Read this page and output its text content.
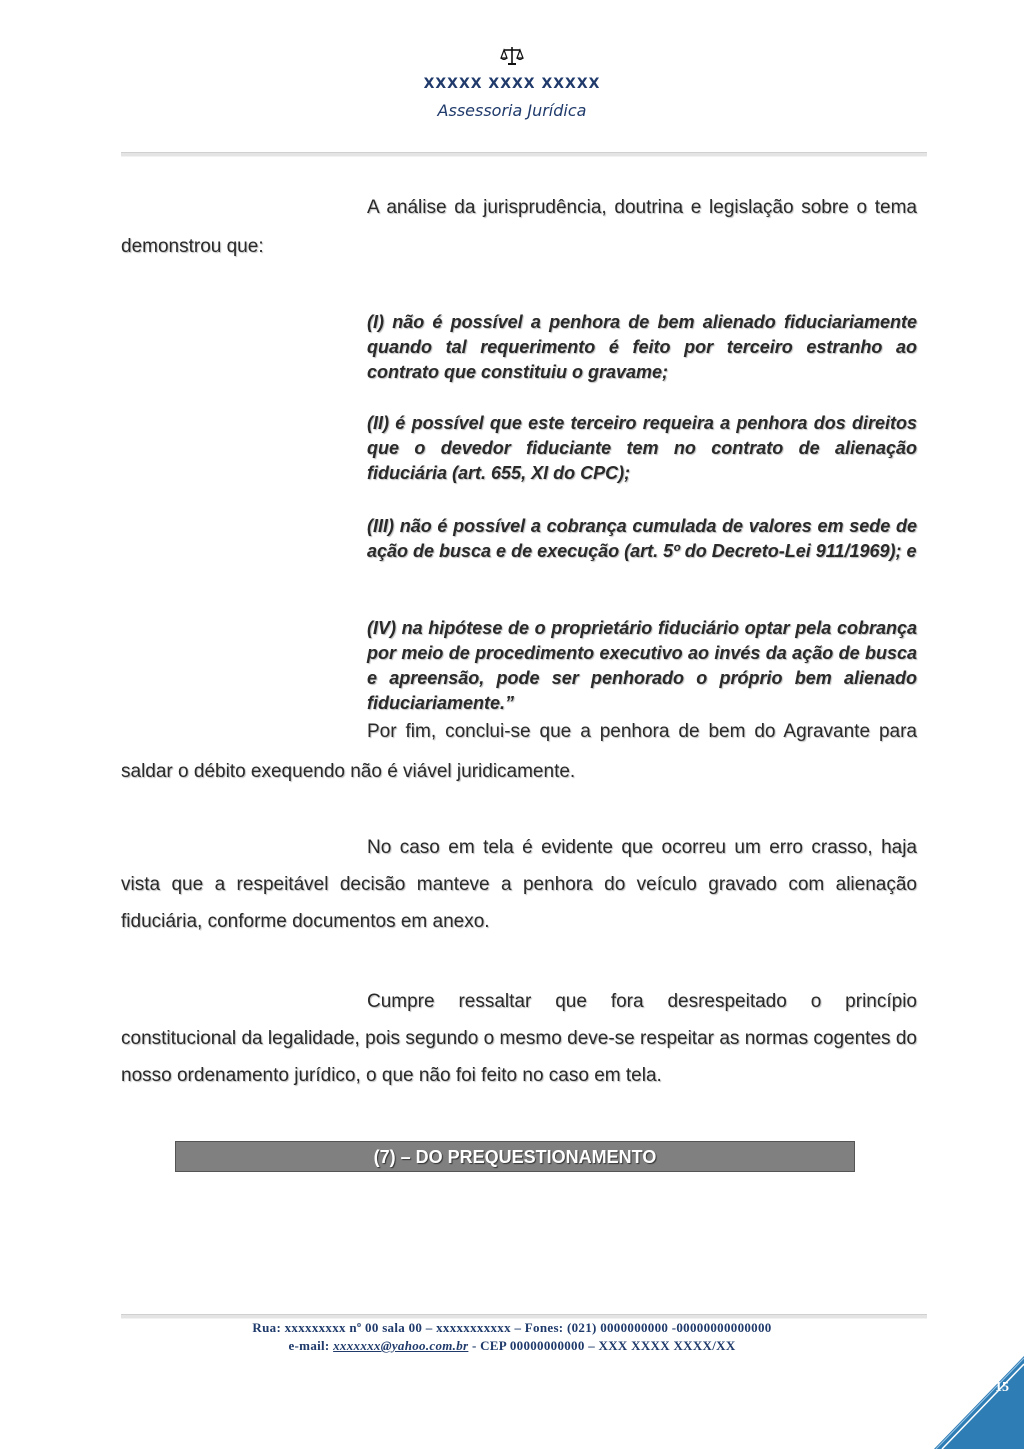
XXXXX XXXX XXXXX
Assessoria Jurídica
A análise da jurisprudência, doutrina e legislação sobre o tema
demonstrou que:
(I) não é possível a penhora de bem alienado fiduciariamente quando tal requerimento é feito por terceiro estranho ao contrato que constituiu o gravame;
(II) é possível que este terceiro requeira a penhora dos direitos que o devedor fiduciante tem no contrato de alienação fiduciária (art. 655, XI do CPC);
(III) não é possível a cobrança cumulada de valores em sede de ação de busca e de execução (art. 5º do Decreto-Lei 911/1969); e
(IV) na hipótese de o proprietário fiduciário optar pela cobrança por meio de procedimento executivo ao invés da ação de busca e apreensão, pode ser penhorado o próprio bem alienado fiduciariamente.”
Por fim, conclui-se que a penhora de bem do Agravante para
saldar o débito exequendo não é viável juridicamente.
No caso em tela é evidente que ocorreu um erro crasso, haja vista que a respeitável decisão manteve a penhora do veículo gravado com alienação fiduciária, conforme documentos em anexo.
Cumpre ressaltar que fora desrespeitado o princípio constitucional da legalidade, pois segundo o mesmo deve-se respeitar as normas cogentes do nosso ordenamento jurídico, o que não foi feito no caso em tela.
(7) – DO PREQUESTIONAMENTO
Rua: xxxxxxxxx nº 00 sala 00 – xxxxxxxxxxx – Fones: (021) 0000000000 -00000000000000
e-mail: xxxxxxx@yahoo.com.br - CEP 00000000000 – XXX XXXX XXXX/XX
15
